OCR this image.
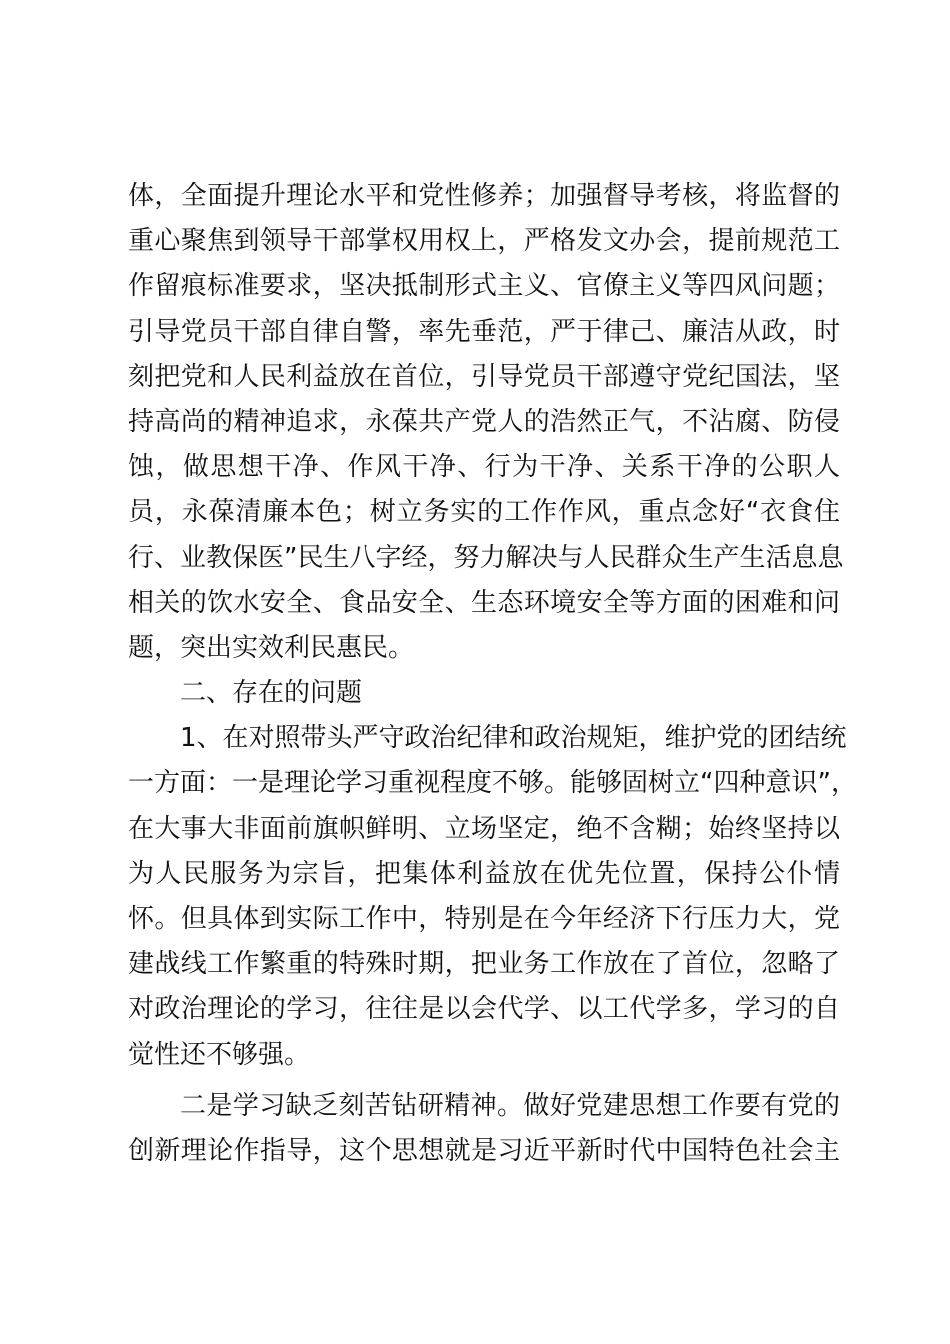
体，全面提升理论水平和党性修养；加强督导考核，将监督的
重心聚焦到领导干部掌权用权上，严格发文办会，提前规范工
作留痕标准要求，坚决抵制形式主义、官僚主义等四风问题；
引导党员干部自律自警，率先垂范，严于律己、廉洁从政，时
刻把党和人民利益放在首位，引导党员干部遵守党纪国法，坚
持高尚的精神追求，永葆共产党人的浩然正气，不沾腐、防侵
蚀，做思想干净、作风干净、行为干净、关系干净的公职人
员，永葆清廉本色；树立务实的工作作风，重点念好“衣食住
行、业教保医”民生八字经，努力解决与人民群众生产生活息息
相关的饮水安全、食品安全、生态环境安全等方面的困难和问
题，突出实效利民惠民。
二、存在的问题
1、在对照带头严守政治纪律和政治规矩，维护党的团结统
一方面：一是理论学习重视程度不够。能够固树立“四种意识”，
在大事大非面前旗帜鲜明、立场坚定，绝不含糊；始终坚持以
为人民服务为宗旨，把集体利益放在优先位置，保持公仆情
怀。但具体到实际工作中，特别是在今年经济下行压力大，党
建战线工作繁重的特殊时期，把业务工作放在了首位，忽略了
对政治理论的学习，往往是以会代学、以工代学多，学习的自
觉性还不够强。
二是学习缺乏刻苦钻研精神。做好党建思想工作要有党的
创新理论作指导，这个思想就是习近平新时代中国特色社会主
